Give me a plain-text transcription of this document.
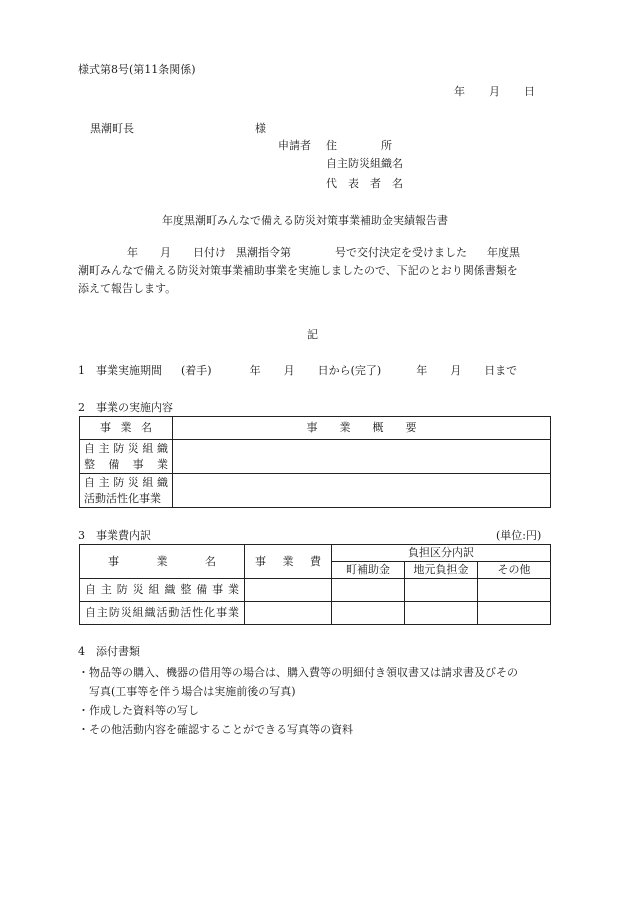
様式第8号(第11条関係)
年 月 日
黒潮町長	様
申請者 住　　　　所
自主防災組織名
代　表　者　名
年度黒潮町みんなで備える防災対策事業補助金実績報告書
年 月 日付け 黒潮指令第	号で交付決定を受けました 年度黒
潮町みんなで備える防災対策事業補助事業を実施しましたので、下記のとおり関係書類を
添えて報告します。
記
1　事業実施期間 (着手)	年 月 日から(完了)	年 月 日まで
2　事業の実施内容
事業名	事　　業　　概　　要

自主防災組織
整備事業	

自主防災組織
活動活性化事業	

3　事業費内訳	(単位:円)
事業名	事業費	負担区分内訳		
		町補助金	地元負担金	その他

自主防災組織整備事業				

自主防災組織活動活性化事業				

4　添付書類
・物品等の購入、機器の借用等の場合は、購入費等の明細付き領収書又は請求書及びその
　写真(工事等を伴う場合は実施前後の写真)
・作成した資料等の写し
・その他活動内容を確認することができる写真等の資料
